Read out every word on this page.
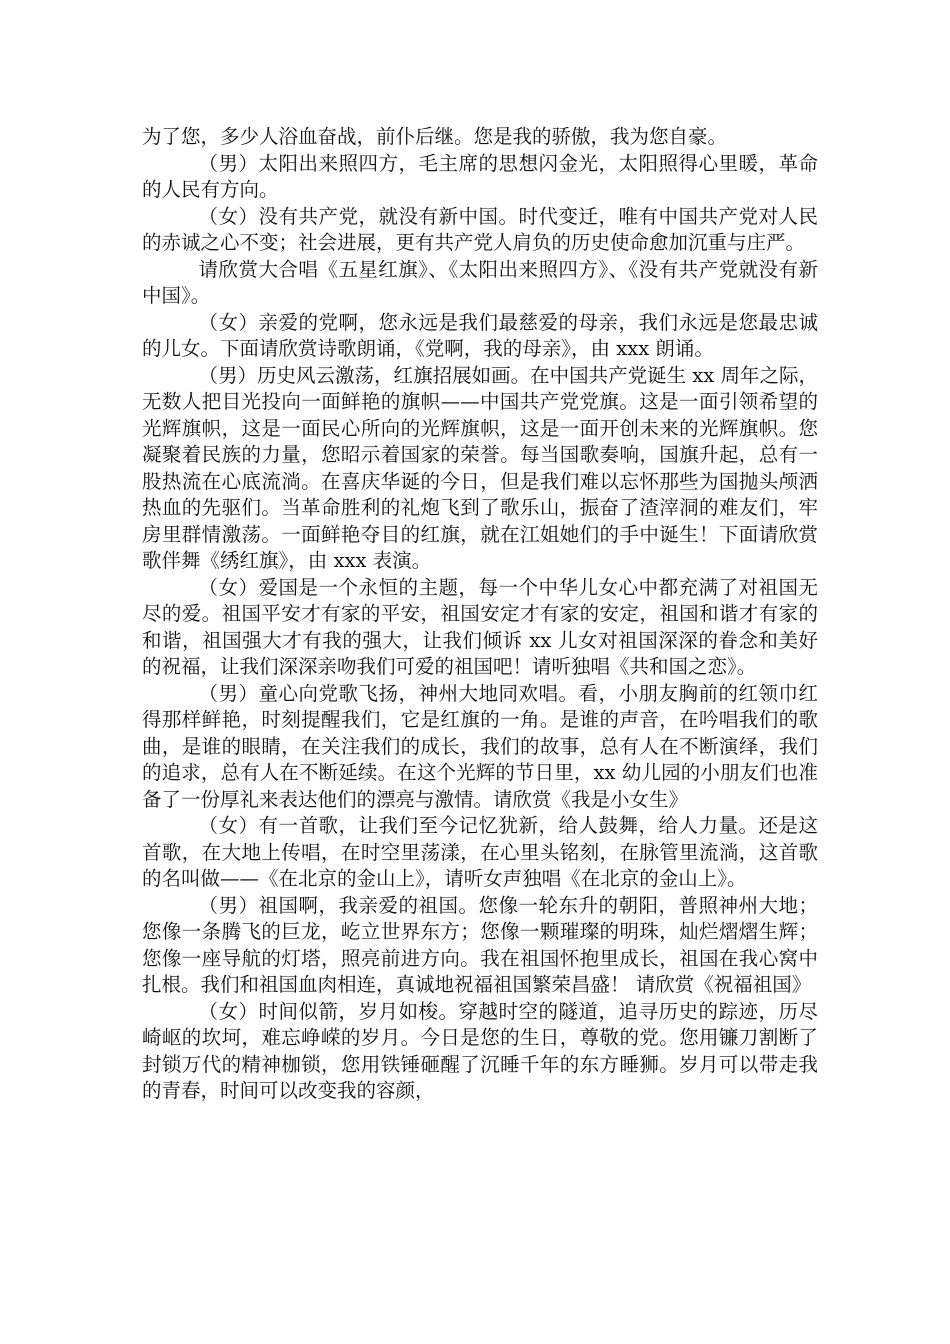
为了您，多少人浴血奋战，前仆后继。您是我的骄傲，我为您自豪。

（男）太阳出来照四方，毛主席的思想闪金光，太阳照得心里暖，革命的人民有方向。

（女）没有共产党，就没有新中国。时代变迁，唯有中国共产党对人民的赤诚之心不变；社会进展，更有共产党人肩负的历史使命愈加沉重与庄严。

请欣赏大合唱《五星红旗》、《太阳出来照四方》、《没有共产党就没有新中国》。

（女）亲爱的党啊，您永远是我们最慈爱的母亲，我们永远是您最忠诚的儿女。下面请欣赏诗歌朗诵，《党啊，我的母亲》，由 xxx 朗诵。

（男）历史风云激荡，红旗招展如画。在中国共产党诞生 xx 周年之际，无数人把目光投向一面鲜艳的旗帜——中国共产党党旗。这是一面引领希望的光辉旗帜，这是一面民心所向的光辉旗帜，这是一面开创未来的光辉旗帜。您凝聚着民族的力量，您昭示着国家的荣誉。每当国歌奏响，国旗升起，总有一股热流在心底流淌。在喜庆华诞的今日，但是我们难以忘怀那些为国抛头颅洒热血的先驱们。当革命胜利的礼炮飞到了歌乐山，振奋了渣滓洞的难友们，牢房里群情激荡。一面鲜艳夺目的红旗，就在江姐她们的手中诞生！下面请欣赏歌伴舞《绣红旗》，由 xxx 表演。

（女）爱国是一个永恒的主题，每一个中华儿女心中都充满了对祖国无尽的爱。祖国平安才有家的平安，祖国安定才有家的安定，祖国和谐才有家的和谐，祖国强大才有我的强大，让我们倾诉 xx 儿女对祖国深深的眷念和美好的祝福，让我们深深亲吻我们可爱的祖国吧！请听独唱《共和国之恋》。

（男）童心向党歌飞扬，神州大地同欢唱。看，小朋友胸前的红领巾红得那样鲜艳，时刻提醒我们，它是红旗的一角。是谁的声音，在吟唱我们的歌曲，是谁的眼睛，在关注我们的成长，我们的故事，总有人在不断演绎，我们的追求，总有人在不断延续。在这个光辉的节日里，xx 幼儿园的小朋友们也准备了一份厚礼来表达他们的漂亮与激情。请欣赏《我是小女生》

（女）有一首歌，让我们至今记忆犹新，给人鼓舞，给人力量。还是这首歌，在大地上传唱，在时空里荡漾，在心里头铭刻，在脉管里流淌，这首歌的名叫做——《在北京的金山上》，请听女声独唱《在北京的金山上》。

（男）祖国啊，我亲爱的祖国。您像一轮东升的朝阳，普照神州大地；您像一条腾飞的巨龙，屹立世界东方；您像一颗璀璨的明珠，灿烂熠熠生辉；您像一座导航的灯塔，照亮前进方向。我在祖国怀抱里成长，祖国在我心窝中扎根。我们和祖国血肉相连，真诚地祝福祖国繁荣昌盛！ 请欣赏《祝福祖国》

（女）时间似箭，岁月如梭。穿越时空的隧道，追寻历史的踪迹，历尽崎岖的坎坷，难忘峥嵘的岁月。今日是您的生日，尊敬的党。您用镰刀割断了封锁万代的精神枷锁，您用铁锤砸醒了沉睡千年的东方睡狮。岁月可以带走我的青春，时间可以改变我的容颜，
